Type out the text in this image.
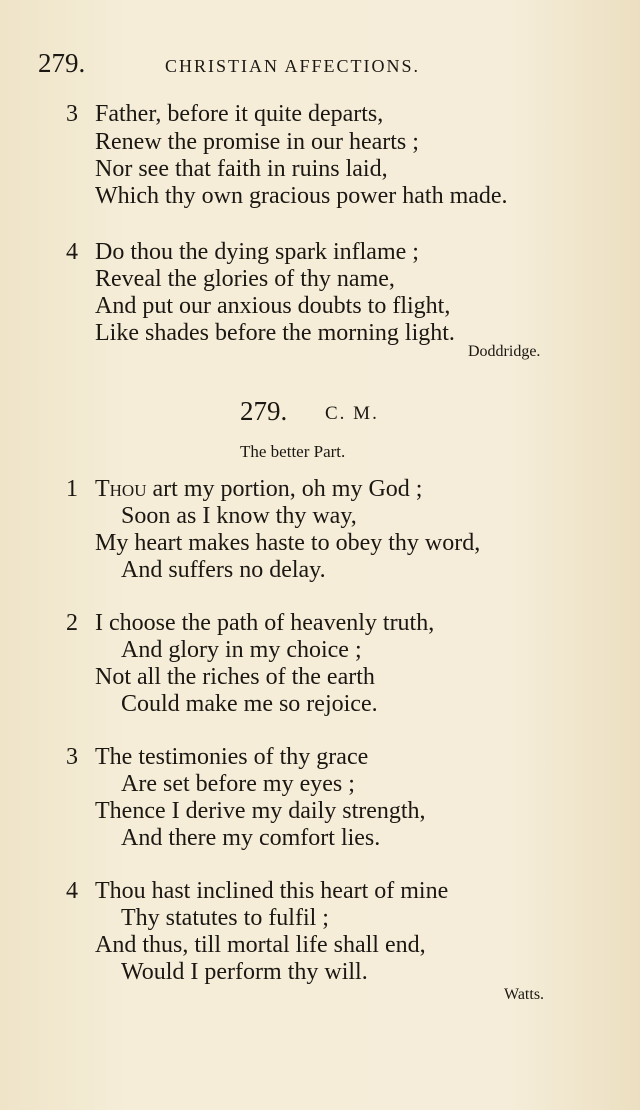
279.	CHRISTIAN AFFECTIONS.
3 Father, before it quite departs,
Renew the promise in our hearts ;
Nor see that faith in ruins laid,
Which thy own gracious power hath made.
4 Do thou the dying spark inflame ;
Reveal the glories of thy name,
And put our anxious doubts to flight,
Like shades before the morning light.
Doddridge.
279. C. M.
The better Part.
1 Thou art my portion, oh my God ;
Soon as I know thy way,
My heart makes haste to obey thy word,
And suffers no delay.
2 I choose the path of heavenly truth,
And glory in my choice ;
Not all the riches of the earth
Could make me so rejoice.
3 The testimonies of thy grace
Are set before my eyes ;
Thence I derive my daily strength,
And there my comfort lies.
4 Thou hast inclined this heart of mine
Thy statutes to fulfil ;
And thus, till mortal life shall end,
Would I perform thy will.
Watts.
